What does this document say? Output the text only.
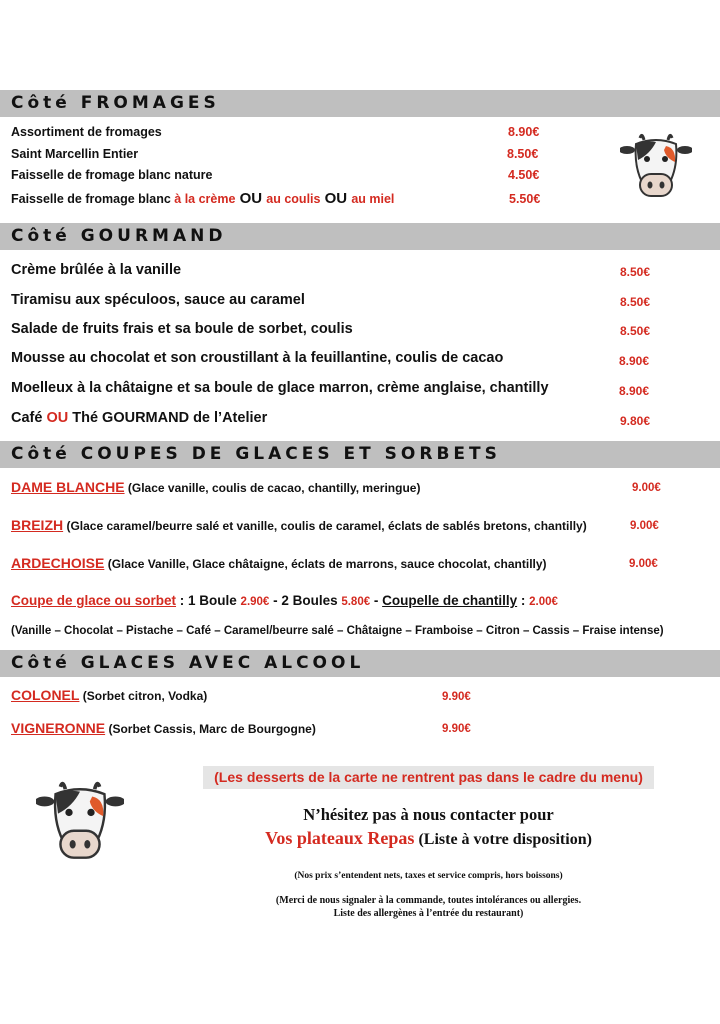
Côté FROMAGES
Assortiment de fromages	8.90€
Saint Marcellin Entier	8.50€
Faisselle de fromage blanc nature	4.50€
Faisselle de fromage blanc à la crème OU au coulis OU au miel	5.50€
Côté GOURMAND
Crème brûlée à la vanille	8.50€
Tiramisu aux spéculoos, sauce au caramel	8.50€
Salade de fruits frais et sa boule de sorbet, coulis	8.50€
Mousse au chocolat et son croustillant à la feuillantine, coulis de cacao	8.90€
Moelleux à la châtaigne et sa boule de glace marron, crème anglaise, chantilly	8.90€
Café OU Thé GOURMAND de l’Atelier	9.80€
Côté COUPES DE GLACES ET SORBETS
DAME BLANCHE (Glace vanille, coulis de cacao, chantilly, meringue)	9.00€
BREIZH (Glace caramel/beurre salé et vanille, coulis de caramel, éclats de sablés bretons, chantilly)	9.00€
ARDECHOISE (Glace Vanille, Glace châtaigne, éclats de marrons, sauce chocolat, chantilly)	9.00€
Coupe de glace ou sorbet : 1 Boule 2.90€ - 2 Boules 5.80€ - Coupelle de chantilly : 2.00€
(Vanille – Chocolat – Pistache – Café – Caramel/beurre salé – Châtaigne – Framboise – Citron – Cassis – Fraise intense)
Côté GLACES AVEC ALCOOL
COLONEL (Sorbet citron, Vodka)	9.90€
VIGNERONNE (Sorbet Cassis, Marc de Bourgogne)	9.90€
(Les desserts de la carte ne rentrent pas dans le cadre du menu)
N’hésitez pas à nous contacter pour
Vos plateaux Repas (Liste à votre disposition)
(Nos prix s’entendent nets, taxes et service compris, hors boissons)
(Merci de nous signaler à la commande, toutes intolérances ou allergies.
Liste des allergènes à l’entrée du restaurant)
